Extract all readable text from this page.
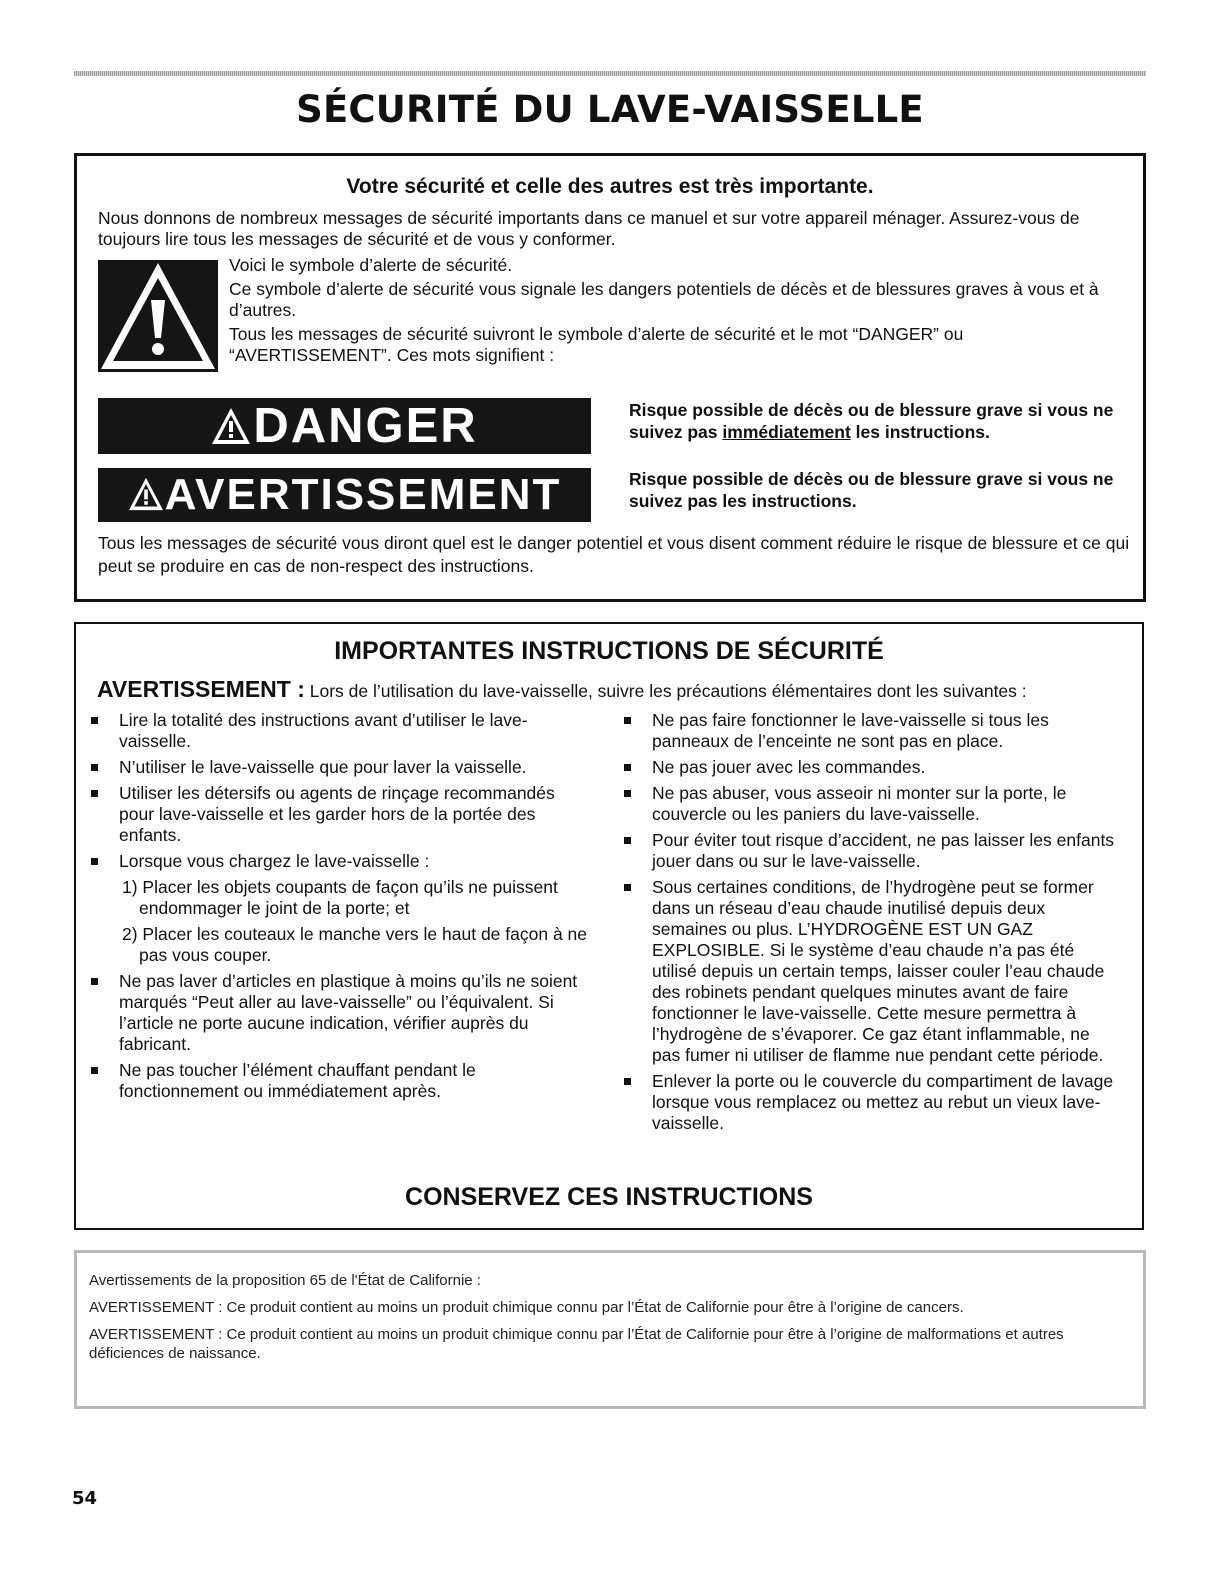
SÉCURITÉ DU LAVE-VAISSELLE
Votre sécurité et celle des autres est très importante.
Nous donnons de nombreux messages de sécurité importants dans ce manuel et sur votre appareil ménager. Assurez-vous de toujours lire tous les messages de sécurité et de vous y conformer.

Voici le symbole d’alerte de sécurité.

Ce symbole d’alerte de sécurité vous signale les dangers potentiels de décès et de blessures graves à vous et à d’autres.

Tous les messages de sécurité suivront le symbole d’alerte de sécurité et le mot “DANGER” ou “AVERTISSEMENT”. Ces mots signifient :

DANGER	Risque possible de décès ou de blessure grave si vous ne suivez pas immédiatement les instructions.
AVERTISSEMENT	Risque possible de décès ou de blessure grave si vous ne suivez pas les instructions.
Tous les messages de sécurité vous diront quel est le danger potentiel et vous disent comment réduire le risque de blessure et ce qui peut se produire en cas de non-respect des instructions.
IMPORTANTES INSTRUCTIONS DE SÉCURITÉ
AVERTISSEMENT : Lors de l’utilisation du lave-vaisselle, suivre les précautions élémentaires dont les suivantes :
Lire la totalité des instructions avant d’utiliser le lave-vaisselle.
N’utiliser le lave-vaisselle que pour laver la vaisselle.
Utiliser les détersifs ou agents de rinçage recommandés pour lave-vaisselle et les garder hors de la portée des enfants.
Lorsque vous chargez le lave-vaisselle :
1) Placer les objets coupants de façon qu’ils ne puissent endommager le joint de la porte; et
2) Placer les couteaux le manche vers le haut de façon à ne pas vous couper.
Ne pas laver d’articles en plastique à moins qu’ils ne soient marqués “Peut aller au lave-vaisselle” ou l’équivalent. Si l’article ne porte aucune indication, vérifier auprès du fabricant.
Ne pas toucher l’élément chauffant pendant le fonctionnement ou immédiatement après.
Ne pas faire fonctionner le lave-vaisselle si tous les panneaux de l’enceinte ne sont pas en place.
Ne pas jouer avec les commandes.
Ne pas abuser, vous asseoir ni monter sur la porte, le couvercle ou les paniers du lave-vaisselle.
Pour éviter tout risque d’accident, ne pas laisser les enfants jouer dans ou sur le lave-vaisselle.
Sous certaines conditions, de l’hydrogène peut se former dans un réseau d’eau chaude inutilisé depuis deux semaines ou plus. L’HYDROGÈNE EST UN GAZ EXPLOSIBLE. Si le système d’eau chaude n’a pas été utilisé depuis un certain temps, laisser couler l’eau chaude des robinets pendant quelques minutes avant de faire fonctionner le lave-vaisselle. Cette mesure permettra à l’hydrogène de s’évaporer. Ce gaz étant inflammable, ne pas fumer ni utiliser de flamme nue pendant cette période.
Enlever la porte ou le couvercle du compartiment de lavage lorsque vous remplacez ou mettez au rebut un vieux lave-vaisselle.
CONSERVEZ CES INSTRUCTIONS

Avertissements de la proposition 65 de l'État de Californie :

AVERTISSEMENT : Ce produit contient au moins un produit chimique connu par l’État de Californie pour être à l’origine de cancers.

AVERTISSEMENT : Ce produit contient au moins un produit chimique connu par l’État de Californie pour être à l’origine de malformations et autres déficiences de naissance.

54
